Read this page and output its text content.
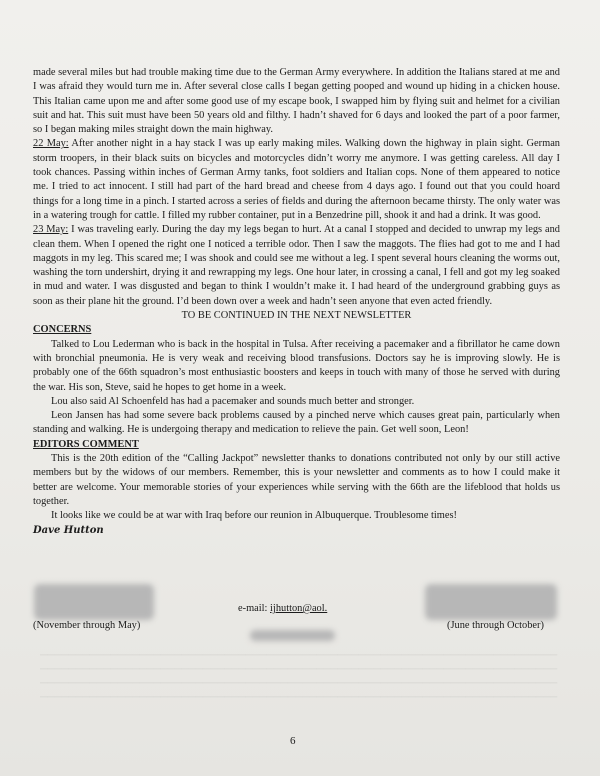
made several miles but had trouble making time due to the German Army everywhere. In addition the Italians stared at me and I was afraid they would turn me in. After several close calls I began getting pooped and wound up hiding in a chicken house. This Italian came upon me and after some good use of my escape book, I swapped him by flying suit and helmet for a civilian suit and hat. This suit must have been 50 years old and filthy. I hadn’t shaved for 6 days and looked the part of a poor farmer, so I began making miles straight down the main highway.

22 May: After another night in a hay stack I was up early making miles. Walking down the highway in plain sight. German storm troopers, in their black suits on bicycles and motorcycles didn’t worry me anymore. I was getting careless. All day I took chances. Passing within inches of German Army tanks, foot soldiers and Italian cops. None of them appeared to notice me. I tried to act innocent. I still had part of the hard bread and cheese from 4 days ago. I found out that you could hoard things for a long time in a pinch. I started across a series of fields and during the afternoon became thirsty. The only water was in a watering trough for cattle. I filled my rubber container, put in a Benzedrine pill, shook it and had a drink. It was good.

23 May: I was traveling early. During the day my legs began to hurt. At a canal I stopped and decided to unwrap my legs and clean them. When I opened the right one I noticed a terrible odor. Then I saw the maggots. The flies had got to me and I had maggots in my leg. This scared me; I was shook and could see me without a leg. I spent several hours cleaning the worms out, washing the torn undershirt, drying it and rewrapping my legs. One hour later, in crossing a canal, I fell and got my leg soaked in mud and water. I was disgusted and began to think I wouldn’t make it. I had heard of the underground grabbing guys as soon as their plane hit the ground. I’d been down over a week and hadn’t seen anyone that even acted friendly.

TO BE CONTINUED IN THE NEXT NEWSLETTER

CONCERNS

Talked to Lou Lederman who is back in the hospital in Tulsa. After receiving a pacemaker and a fibrillator he came down with bronchial pneumonia. He is very weak and receiving blood transfusions. Doctors say he is improving slowly. He is probably one of the 66th squadron’s most enthusiastic boosters and keeps in touch with many of those he served with during the war. His son, Steve, said he hopes to get home in a week.

Lou also said Al Schoenfeld has had a pacemaker and sounds much better and stronger.

Leon Jansen has had some severe back problems caused by a pinched nerve which causes great pain, particularly when standing and walking. He is undergoing therapy and medication to relieve the pain. Get well soon, Leon!

EDITORS COMMENT

This is the 20th edition of the “Calling Jackpot” newsletter thanks to donations contributed not only by our still active members but by the widows of our members. Remember, this is your newsletter and comments as to how I could make it better are welcome. Your memorable stories of your experiences while serving with the 66th are the lifeblood that holds us together.

It looks like we could be at war with Iraq before our reunion in Albuquerque. Troublesome times!

Dave Hutton

e-mail: ijhutton@aol.
(November through May)	(June through October)
6
─────────────────────────────────────────────────────────────────────────
─────────────────────────────────────────────────────────────────────────
─────────────────────────────────────────────────────────────────────────
─────────────────────────────────────────────────────────────────────────
